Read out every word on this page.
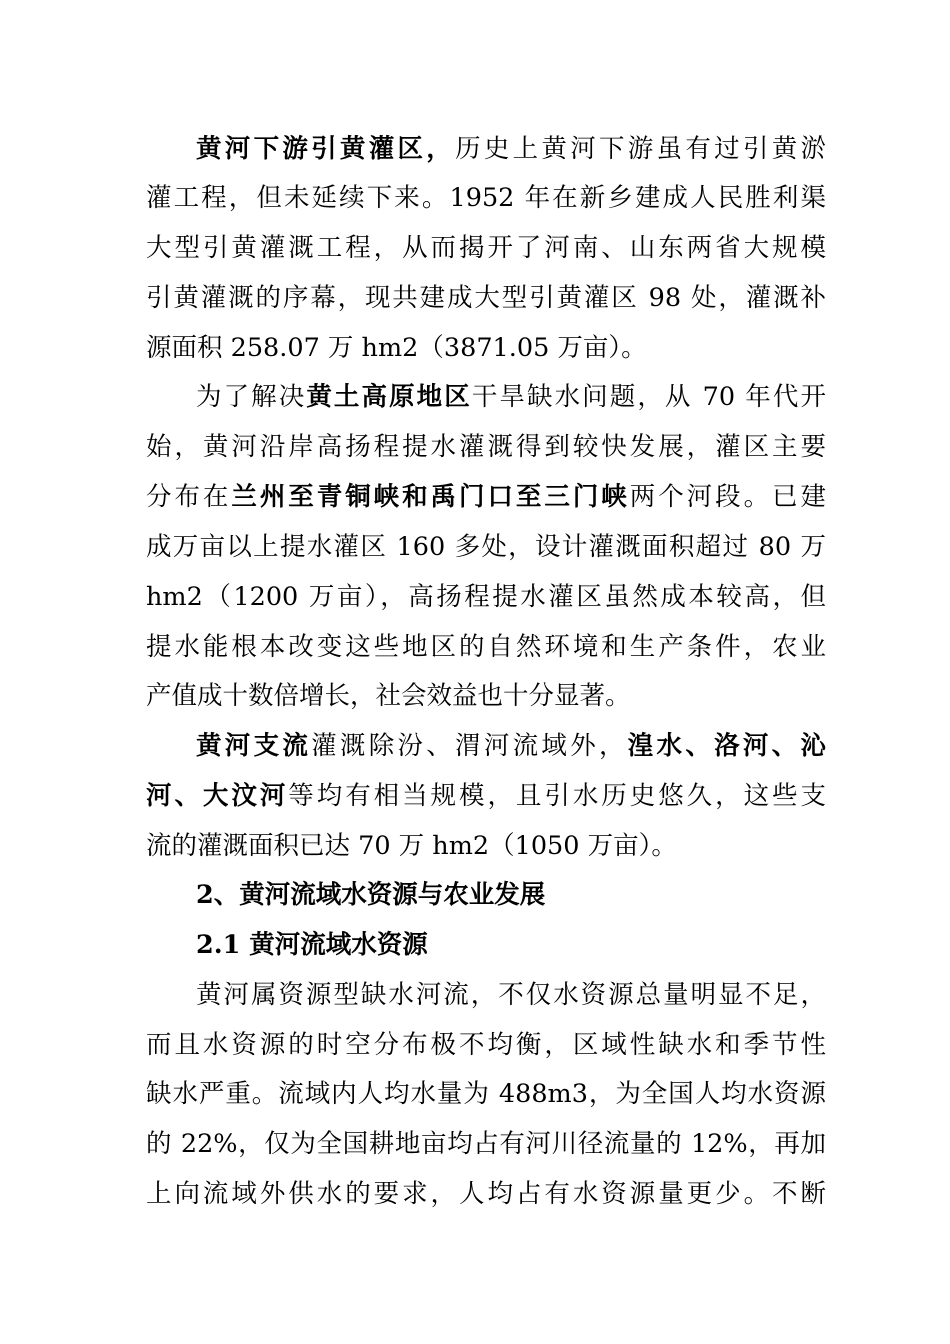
黄河下游引黄灌区，历史上黄河下游虽有过引黄淤
灌工程，但未延续下来。1952 年在新乡建成人民胜利渠
大型引黄灌溉工程，从而揭开了河南、山东两省大规模
引黄灌溉的序幕，现共建成大型引黄灌区 98 处，灌溉补
源面积 258.07 万 hm2（3871.05 万亩）。
为了解决黄土高原地区干旱缺水问题，从 70 年代开
始，黄河沿岸高扬程提水灌溉得到较快发展，灌区主要
分布在兰州至青铜峡和禹门口至三门峡两个河段。已建
成万亩以上提水灌区 160 多处，设计灌溉面积超过 80 万
hm2（1200 万亩），高扬程提水灌区虽然成本较高，但
提水能根本改变这些地区的自然环境和生产条件，农业
产值成十数倍增长，社会效益也十分显著。
黄河支流灌溉除汾、渭河流域外，湟水、洛河、沁
河、大汶河等均有相当规模，且引水历史悠久，这些支
流的灌溉面积已达 70 万 hm2（1050 万亩）。
2、黄河流域水资源与农业发展
2.1 黄河流域水资源
黄河属资源型缺水河流，不仅水资源总量明显不足，
而且水资源的时空分布极不均衡，区域性缺水和季节性
缺水严重。流域内人均水量为 488m3，为全国人均水资源
的 22%，仅为全国耕地亩均占有河川径流量的 12%，再加
上向流域外供水的要求，人均占有水资源量更少。不断
